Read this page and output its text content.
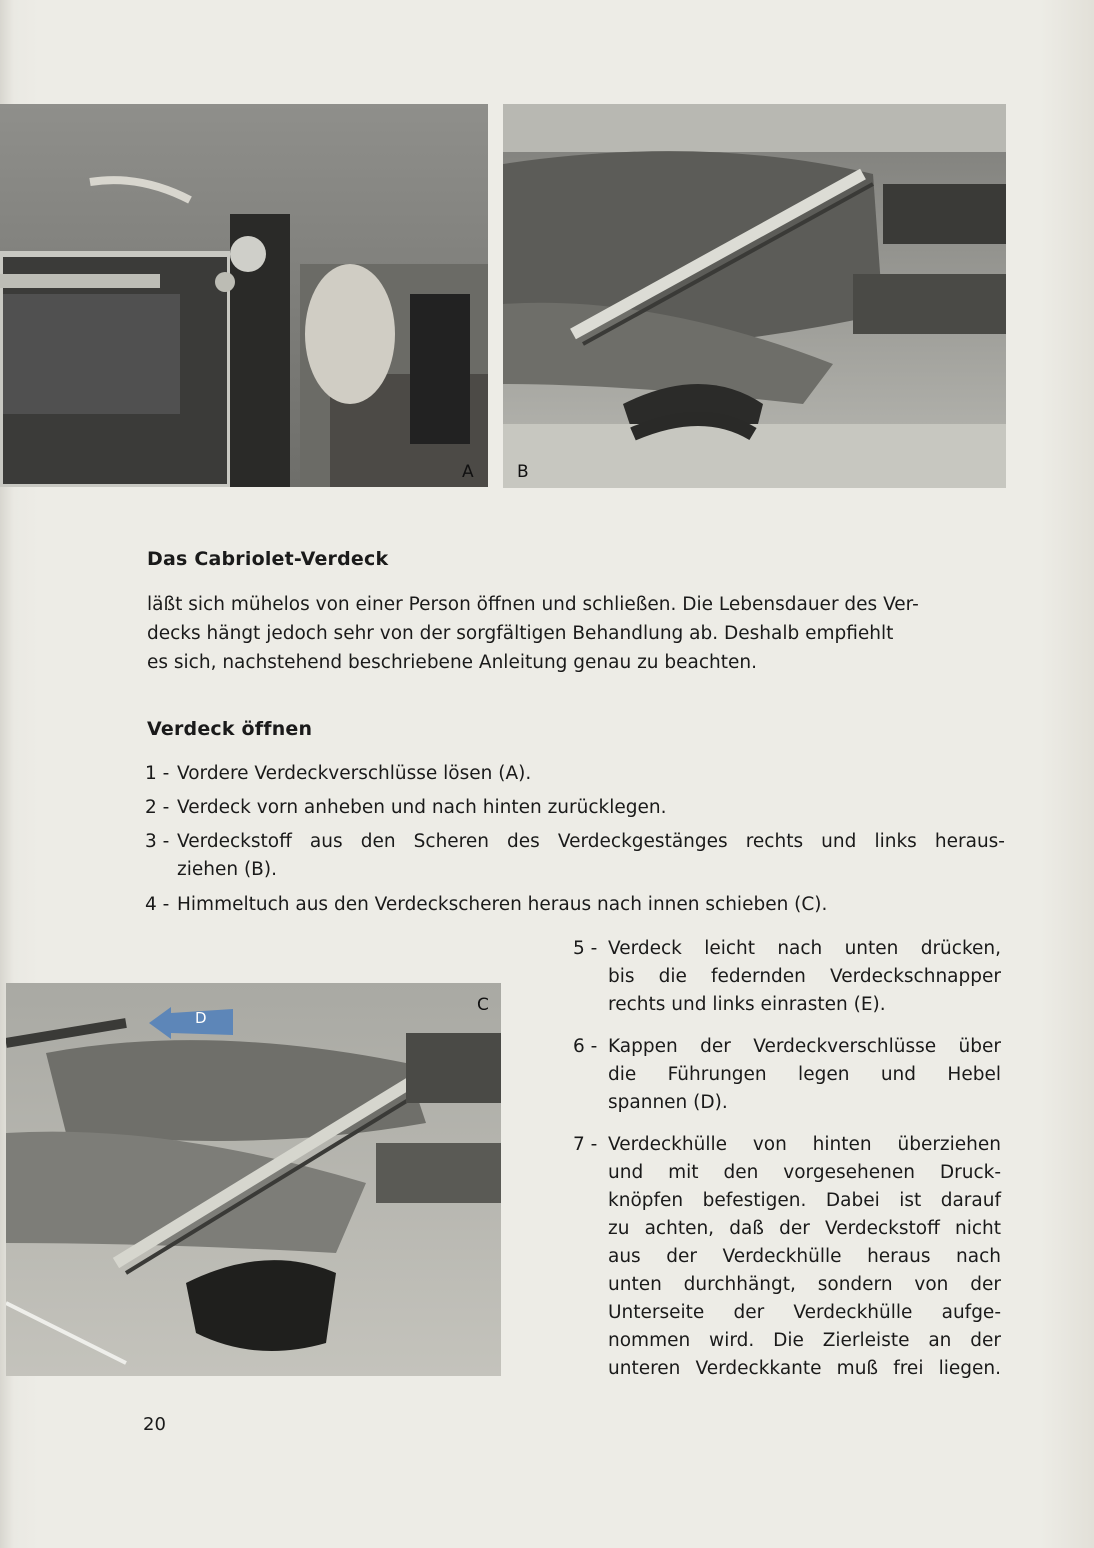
A	B
D
C
Das Cabriolet-Verdeck
läßt sich mühelos von einer Person öffnen und schließen. Die Lebensdauer des Ver-
decks hängt jedoch sehr von der sorgfältigen Behandlung ab. Deshalb empfiehlt
es sich, nachstehend beschriebene Anleitung genau zu beachten.
Verdeck öffnen
1 - Vordere Verdeckverschlüsse lösen (A).
2 - Verdeck vorn anheben und nach hinten zurücklegen.
3 - Verdeckstoff aus den Scheren des Verdeckgestänges rechts und links heraus-
ziehen (B).
4 - Himmeltuch aus den Verdeckscheren heraus nach innen schieben (C).
5 - Verdeck leicht nach unten drücken,
bis die federnden Verdeckschnapper
rechts und links einrasten (E).
6 - Kappen der Verdeckverschlüsse über
die Führungen legen und Hebel
spannen (D).
7 - Verdeckhülle von hinten überziehen
und mit den vorgesehenen Druck-
knöpfen befestigen. Dabei ist darauf
zu achten, daß der Verdeckstoff nicht
aus der Verdeckhülle heraus nach
unten durchhängt, sondern von der
Unterseite der Verdeckhülle aufge-
nommen wird. Die Zierleiste an der
unteren Verdeckkante muß frei liegen.
20
